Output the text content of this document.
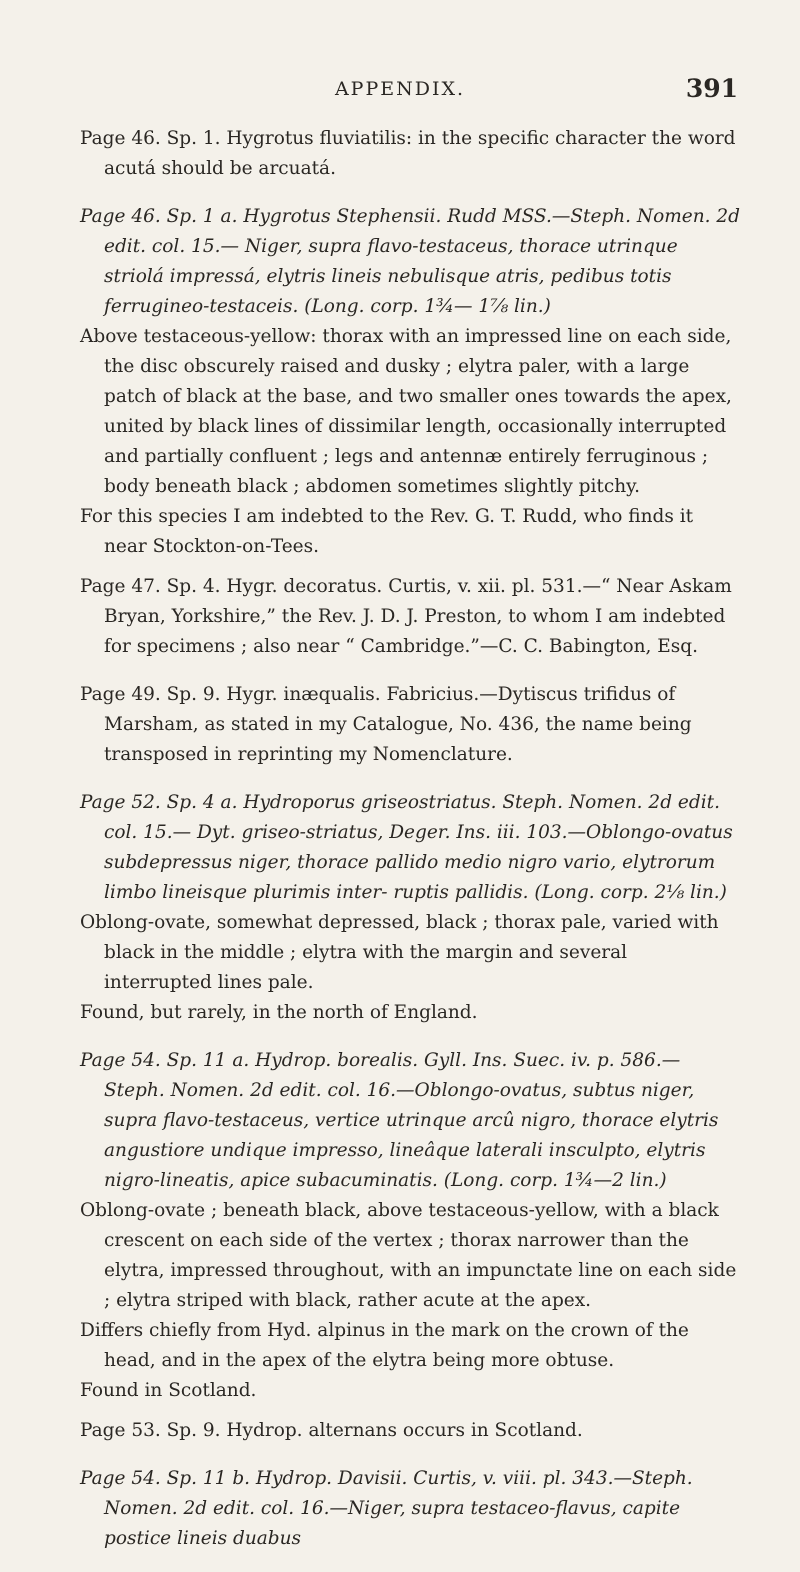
APPENDIX.	391

Page 46. Sp. 1. Hygrotus fluviatilis: in the specific character the word acutá should be arcuatá.

Page 46. Sp. 1 a. Hygrotus Stephensii. Rudd MSS.—Steph. Nomen. 2d edit. col. 15.— Niger, supra flavo-testaceus, thorace utrinque striolá impressá, elytris lineis nebulisque atris, pedibus totis ferrugineo-testaceis. (Long. corp. 1¾— 1⅞ lin.)

Above testaceous-yellow: thorax with an impressed line on each side, the disc obscurely raised and dusky ; elytra paler, with a large patch of black at the base, and two smaller ones towards the apex, united by black lines of dissimilar length, occasionally interrupted and partially confluent ; legs and antennæ entirely ferruginous ; body beneath black ; abdomen sometimes slightly pitchy.

For this species I am indebted to the Rev. G. T. Rudd, who finds it near Stockton-on-Tees.

Page 47. Sp. 4. Hygr. decoratus. Curtis, v. xii. pl. 531.—“ Near Askam Bryan, Yorkshire,” the Rev. J. D. J. Preston, to whom I am indebted for specimens ; also near “ Cambridge.”—C. C. Babington, Esq.

Page 49. Sp. 9. Hygr. inæqualis. Fabricius.—Dytiscus trifidus of Marsham, as stated in my Catalogue, No. 436, the name being transposed in reprinting my Nomenclature.

Page 52. Sp. 4 a. Hydroporus griseostriatus. Steph. Nomen. 2d edit. col. 15.— Dyt. griseo-striatus, Deger. Ins. iii. 103.—Oblongo-ovatus subdepressus niger, thorace pallido medio nigro vario, elytrorum limbo lineisque plurimis inter- ruptis pallidis. (Long. corp. 2⅛ lin.)

Oblong-ovate, somewhat depressed, black ; thorax pale, varied with black in the middle ; elytra with the margin and several interrupted lines pale.

Found, but rarely, in the north of England.

Page 54. Sp. 11 a. Hydrop. borealis. Gyll. Ins. Suec. iv. p. 586.—Steph. Nomen. 2d edit. col. 16.—Oblongo-ovatus, subtus niger, supra flavo-testaceus, vertice utrinque arcû nigro, thorace elytris angustiore undique impresso, lineâque laterali insculpto, elytris nigro-lineatis, apice subacuminatis. (Long. corp. 1¾—2 lin.)

Oblong-ovate ; beneath black, above testaceous-yellow, with a black crescent on each side of the vertex ; thorax narrower than the elytra, impressed throughout, with an impunctate line on each side ; elytra striped with black, rather acute at the apex.

Differs chiefly from Hyd. alpinus in the mark on the crown of the head, and in the apex of the elytra being more obtuse.

Found in Scotland.

Page 53. Sp. 9. Hydrop. alternans occurs in Scotland.

Page 54. Sp. 11 b. Hydrop. Davisii. Curtis, v. viii. pl. 343.—Steph. Nomen. 2d edit. col. 16.—Niger, supra testaceo-flavus, capite postice lineis duabus
